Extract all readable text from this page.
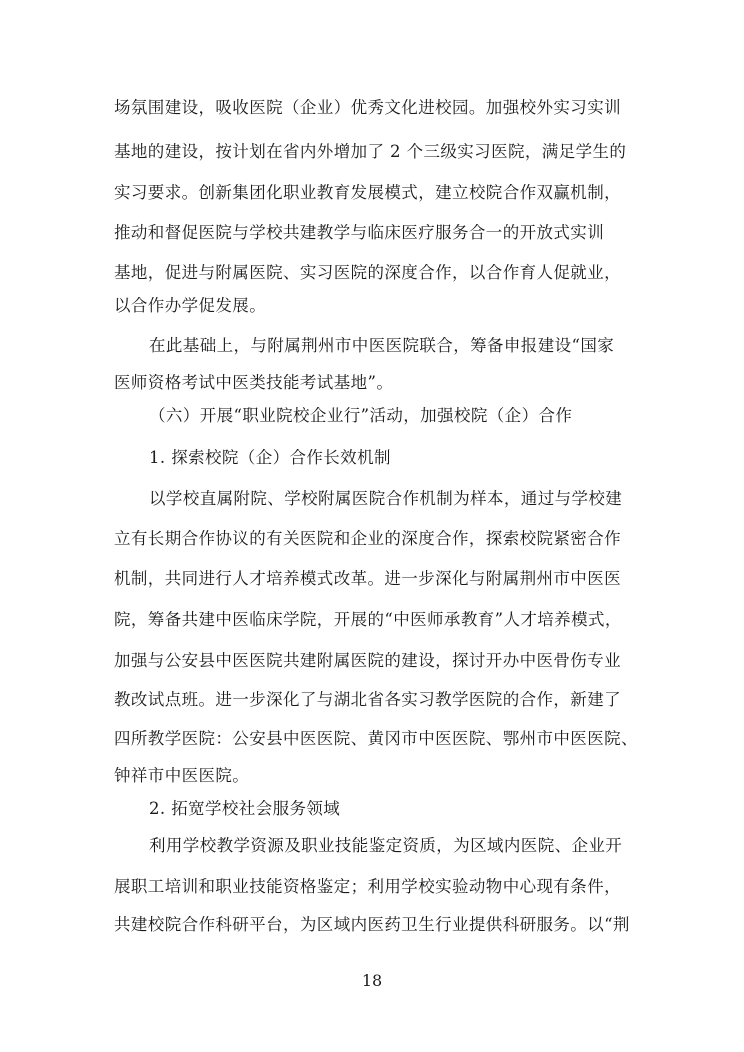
场氛围建设，吸收医院（企业）优秀文化进校园。加强校外实习实训
基地的建设，按计划在省内外增加了 2 个三级实习医院，满足学生的
实习要求。创新集团化职业教育发展模式，建立校院合作双赢机制，
推动和督促医院与学校共建教学与临床医疗服务合一的开放式实训
基地，促进与附属医院、实习医院的深度合作，以合作育人促就业，
以合作办学促发展。
在此基础上，与附属荆州市中医医院联合，筹备申报建设“国家
医师资格考试中医类技能考试基地”。
（六）开展“职业院校企业行”活动，加强校院（企）合作
1. 探索校院（企）合作长效机制
以学校直属附院、学校附属医院合作机制为样本，通过与学校建
立有长期合作协议的有关医院和企业的深度合作，探索校院紧密合作
机制，共同进行人才培养模式改革。进一步深化与附属荆州市中医医
院，筹备共建中医临床学院，开展的“中医师承教育”人才培养模式，
加强与公安县中医医院共建附属医院的建设，探讨开办中医骨伤专业
教改试点班。进一步深化了与湖北省各实习教学医院的合作，新建了
四所教学医院：公安县中医医院、黄冈市中医医院、鄂州市中医医院、
钟祥市中医医院。
2. 拓宽学校社会服务领域
利用学校教学资源及职业技能鉴定资质，为区域内医院、企业开
展职工培训和职业技能资格鉴定；利用学校实验动物中心现有条件，
共建校院合作科研平台，为区域内医药卫生行业提供科研服务。以“荆
18
